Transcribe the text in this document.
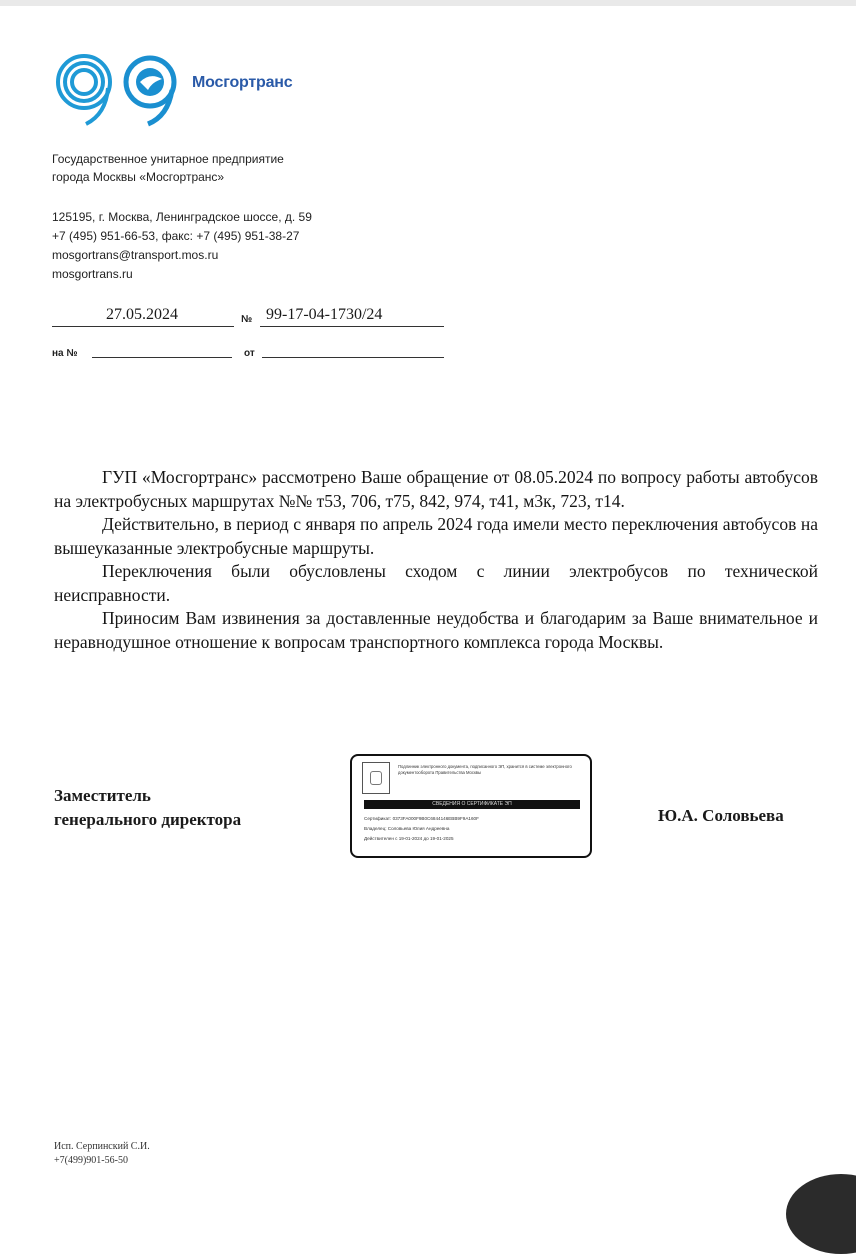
Мосгортранс
Государственное унитарное предприятие
города Москвы «Мосгортранс»
125195, г. Москва, Ленинградское шоссе, д. 59
+7 (495) 951-66-53, факс: +7 (495) 951-38-27
mosgortrans@transport.mos.ru
mosgortrans.ru

27.05.2024	№ 99-17-04-1730/24
на №	от

ГУП «Мосгортранс» рассмотрено Ваше обращение от 08.05.2024 по вопросу работы автобусов на электробусных маршрутах №№ т53, 706, т75, 842, 974, т41, м3к, 723, т14.

Действительно, в период с января по апрель 2024 года имели место переключения автобусов на вышеуказанные электробусные маршруты.

Переключения были обусловлены сходом с линии электробусов по технической неисправности.

Приносим Вам извинения за доставленные неудобства и благодарим за Ваше внимательное и неравнодушное отношение к вопросам транспортного комплекса города Москвы.

Заместитель
генерального директора
Подлинник электронного документа, подписанного ЭП, хранится в системе электронного документооборота Правительства Москвы
СВЕДЕНИЯ О СЕРТИФИКАТЕ ЭП
Сертификат: 0373FA000F9B0C6844146EBB9F9A160F
Владелец: Соловьева Юлия Андреевна
Действителен с 19-01-2024 до 19-01-2025
Ю.А. Соловьева
Исп. Серпинский С.И.
+7(499)901-56-50
